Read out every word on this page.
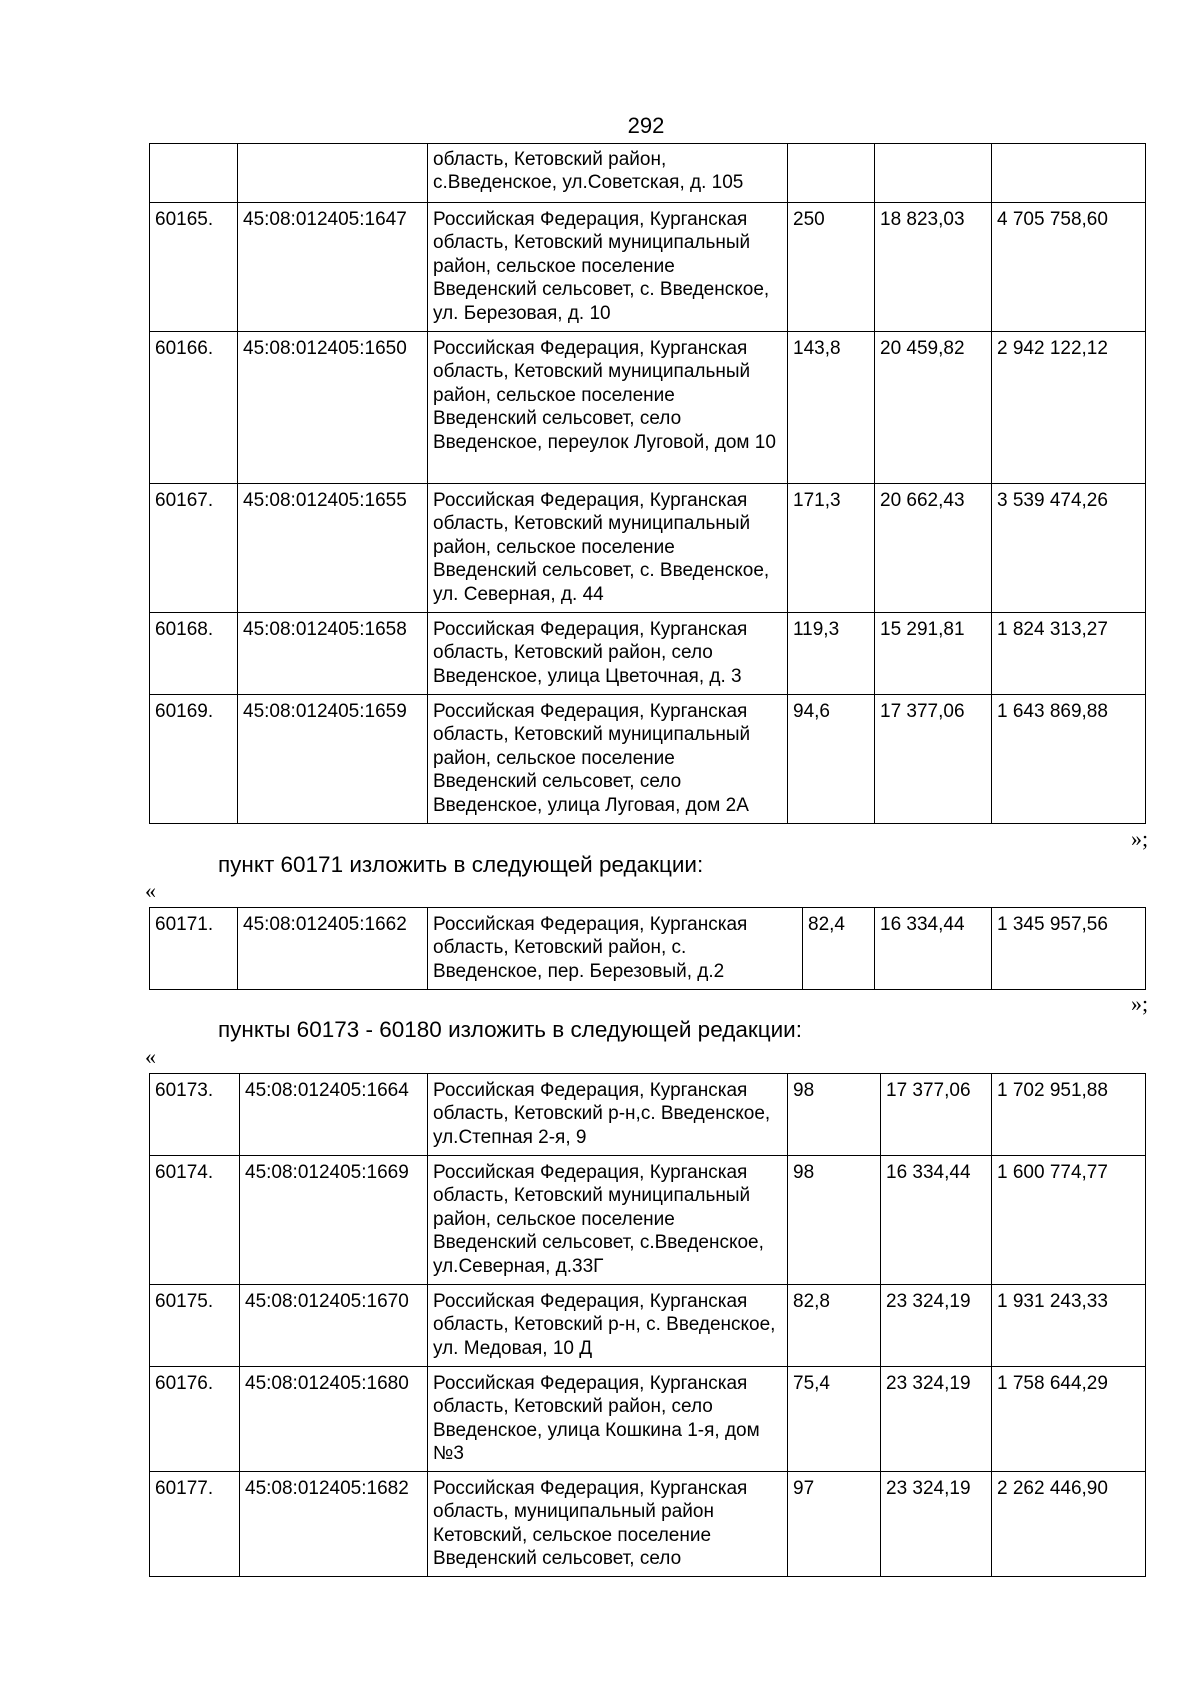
292
		область, Кетовский район, с.Введенское, ул.Советская, д. 105			
60165.	45:08:012405:1647	Российская Федерация, Курганская область, Кетовский муниципальный район, сельское поселение Введенский сельсовет, с. Введенское, ул. Березовая, д. 10	250	18 823,03	4 705 758,60
60166.	45:08:012405:1650	Российская Федерация, Курганская область, Кетовский муниципальный район, сельское поселение Введенский сельсовет, село Введенское, переулок Луговой, дом 10	143,8	20 459,82	2 942 122,12
60167.	45:08:012405:1655	Российская Федерация, Курганская область, Кетовский муниципальный район, сельское поселение Введенский сельсовет, с. Введенское, ул. Северная, д. 44	171,3	20 662,43	3 539 474,26
60168.	45:08:012405:1658	Российская Федерация, Курганская область, Кетовский район, село Введенское, улица Цветочная, д. 3	119,3	15 291,81	1 824 313,27
60169.	45:08:012405:1659	Российская Федерация, Курганская область, Кетовский муниципальный район, сельское поселение Введенский сельсовет, село Введенское, улица Луговая, дом 2А	94,6	17 377,06	1 643 869,88
»;
пункт 60171 изложить в следующей редакции:
«
60171.	45:08:012405:1662	Российская Федерация, Курганская область, Кетовский район, с. Введенское, пер. Березовый, д.2	82,4	16 334,44	1 345 957,56
»;
пункты 60173 - 60180 изложить в следующей редакции:
«
60173.	45:08:012405:1664	Российская Федерация, Курганская область, Кетовский р-н,с. Введенское, ул.Степная 2-я, 9	98	17 377,06	1 702 951,88
60174.	45:08:012405:1669	Российская Федерация, Курганская область, Кетовский муниципальный район, сельское поселение Введенский сельсовет, с.Введенское, ул.Северная, д.33Г	98	16 334,44	1 600 774,77
60175.	45:08:012405:1670	Российская Федерация, Курганская область, Кетовский р-н, с. Введенское, ул. Медовая, 10 Д	82,8	23 324,19	1 931 243,33
60176.	45:08:012405:1680	Российская Федерация, Курганская область, Кетовский район, село Введенское, улица Кошкина 1-я, дом №3	75,4	23 324,19	1 758 644,29
60177.	45:08:012405:1682	Российская Федерация, Курганская область, муниципальный район Кетовский, сельское поселение Введенский сельсовет, село	97	23 324,19	2 262 446,90
